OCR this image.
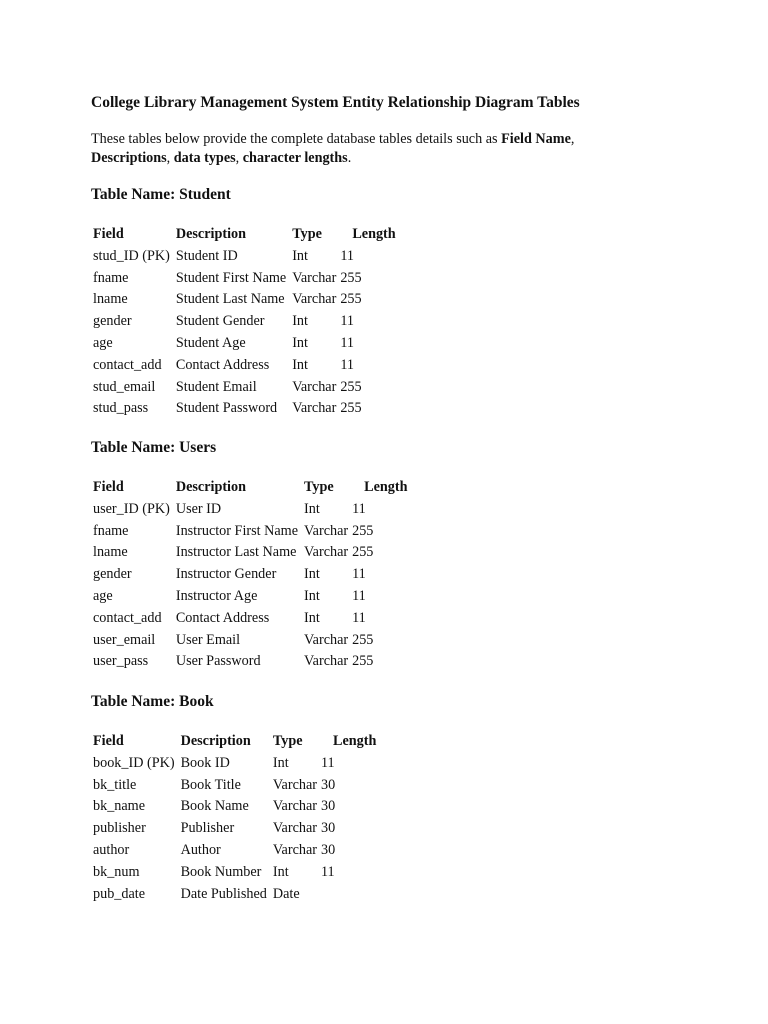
College Library Management System Entity Relationship Diagram Tables

These tables below provide the complete database tables details such as Field Name, Descriptions, data types, character lengths.

Table Name: Student
Field	Description	Type	Length
stud_ID (PK)	Student ID	Int	11
fname	Student First Name	Varchar	255
lname	Student Last Name	Varchar	255
gender	Student Gender	Int	11
age	Student Age	Int	11
contact_add	Contact Address	Int	11
stud_email	Student Email	Varchar	255
stud_pass	Student Password	Varchar	255
Table Name: Users
Field	Description	Type	Length
user_ID (PK)	User ID	Int	11
fname	Instructor First Name	Varchar	255
lname	Instructor Last Name	Varchar	255
gender	Instructor Gender	Int	11
age	Instructor Age	Int	11
contact_add	Contact Address	Int	11
user_email	User Email	Varchar	255
user_pass	User Password	Varchar	255
Table Name: Book
Field	Description	Type	Length
book_ID (PK)	Book ID	Int	11
bk_title	Book Title	Varchar	30
bk_name	Book Name	Varchar	30
publisher	Publisher	Varchar	30
author	Author	Varchar	30
bk_num	Book Number	Int	11
pub_date	Date Published	Date	
